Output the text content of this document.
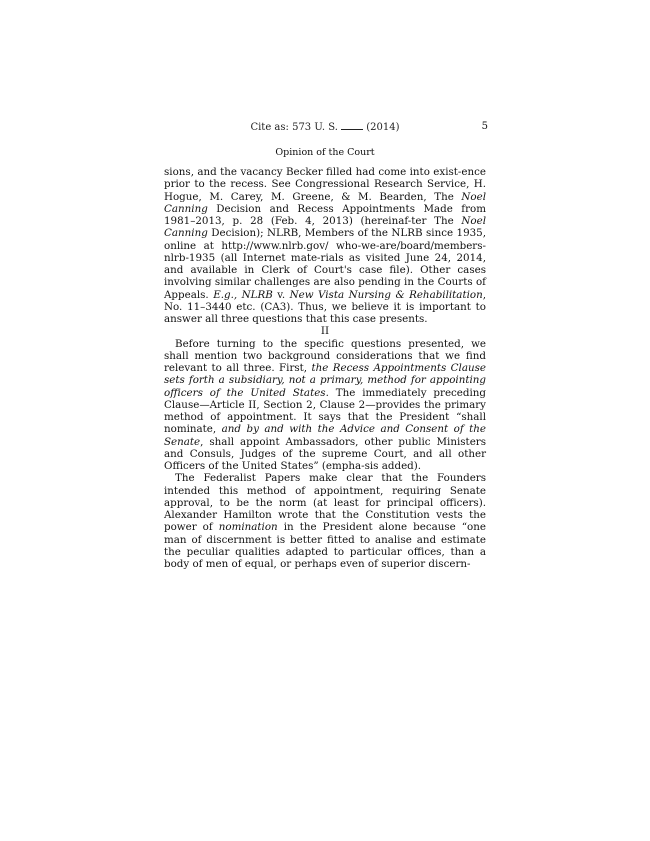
Cite as: 573 U. S.	(2014)	5
Opinion of the Court

sions, and the vacancy Becker filled had come into exist-ence prior to the recess. See Congressional Research Service, H. Hogue, M. Carey, M. Greene, & M. Bearden, The Noel Canning Decision and Recess Appointments Made from 1981–2013, p. 28 (Feb. 4, 2013) (hereinaf-ter The Noel Canning Decision); NLRB, Members of the NLRB since 1935, online at http://www.nlrb.gov/ who-we-are/board/members-nlrb-1935 (all Internet mate-rials as visited June 24, 2014, and available in Clerk of Court's case file). Other cases involving similar challenges are also pending in the Courts of Appeals. E.g., NLRB v. New Vista Nursing & Rehabilitation, No. 11–3440 etc. (CA3). Thus, we believe it is important to answer all three questions that this case presents.

II

Before turning to the specific questions presented, we shall mention two background considerations that we find relevant to all three. First, the Recess Appointments Clause sets forth a subsidiary, not a primary, method for appointing officers of the United States. The immediately preceding Clause—Article II, Section 2, Clause 2—provides the primary method of appointment. It says that the President “shall nominate, and by and with the Advice and Consent of the Senate, shall appoint Ambassadors, other public Ministers and Consuls, Judges of the supreme Court, and all other Officers of the United States” (empha-sis added).

The Federalist Papers make clear that the Founders intended this method of appointment, requiring Senate approval, to be the norm (at least for principal officers). Alexander Hamilton wrote that the Constitution vests the power of nomination in the President alone because “one man of discernment is better fitted to analise and estimate the peculiar qualities adapted to particular offices, than a body of men of equal, or perhaps even of superior discern-
